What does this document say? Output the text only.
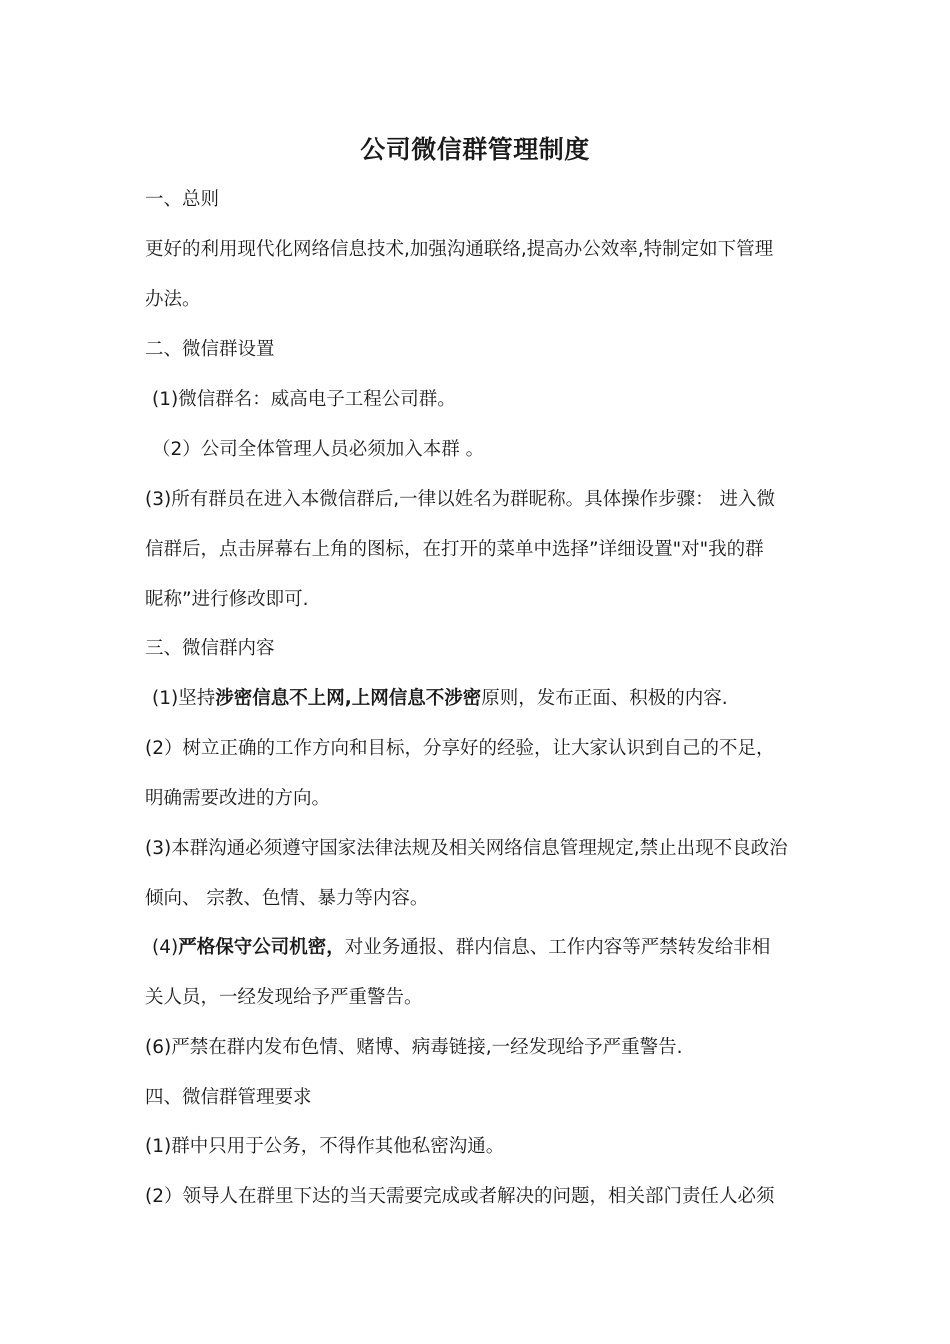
公司微信群管理制度
一、总则
更好的利用现代化网络信息技术,加强沟通联络,提高办公效率,特制定如下管理
办法。
二、微信群设置
(1)微信群名：威高电子工程公司群。
（2）公司全体管理人员必须加入本群 。
(3)所有群员在进入本微信群后,一律以姓名为群昵称。具体操作步骤： 进入微
信群后，点击屏幕右上角的图标，在打开的菜单中选择”详细设置"对"我的群
昵称”进行修改即可.
三、微信群内容
(1)坚持涉密信息不上网,上网信息不涉密原则，发布正面、积极的内容.
(2）树立正确的工作方向和目标，分享好的经验，让大家认识到自己的不足，
明确需要改进的方向。
(3)本群沟通必须遵守国家法律法规及相关网络信息管理规定,禁止出现不良政治
倾向、 宗教、色情、暴力等内容。
(4)严格保守公司机密，对业务通报、群内信息、工作内容等严禁转发给非相
关人员，一经发现给予严重警告。
(6)严禁在群内发布色情、赌博、病毒链接,一经发现给予严重警告.
四、微信群管理要求
(1)群中只用于公务，不得作其他私密沟通。
(2）领导人在群里下达的当天需要完成或者解决的问题，相关部门责任人必须
